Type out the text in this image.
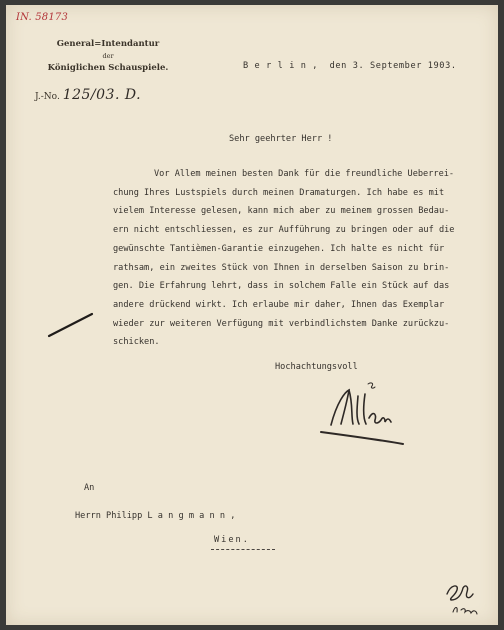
IN. 58173
General=Intendantur
der
Königlichen Schauspiele.
J.-No. 125/03. D.
B e r l i n ,  den 3. September 1903.
Sehr geehrter Herr !
Vor Allem meinen besten Dank für die freundliche Ueberrei-
chung Ihres Lustspiels durch meinen Dramaturgen. Ich habe es mit
vielem Interesse gelesen, kann mich aber zu meinem grossen Bedau-
ern nicht entschliessen, es zur Aufführung zu bringen oder auf die
gewünschte Tantièmen-Garantie einzugehen. Ich halte es nicht für
rathsam, ein zweites Stück von Ihnen in derselben Saison zu brin-
gen. Die Erfahrung lehrt, dass in solchem Falle ein Stück auf das
andere drückend wirkt. Ich erlaube mir daher, Ihnen das Exemplar
wieder zur weiteren Verfügung mit verbindlichstem Danke zurückzu-
schicken.
Hochachtungsvoll
An
Herrn Philipp L a n g m a n n ,
Wien.
